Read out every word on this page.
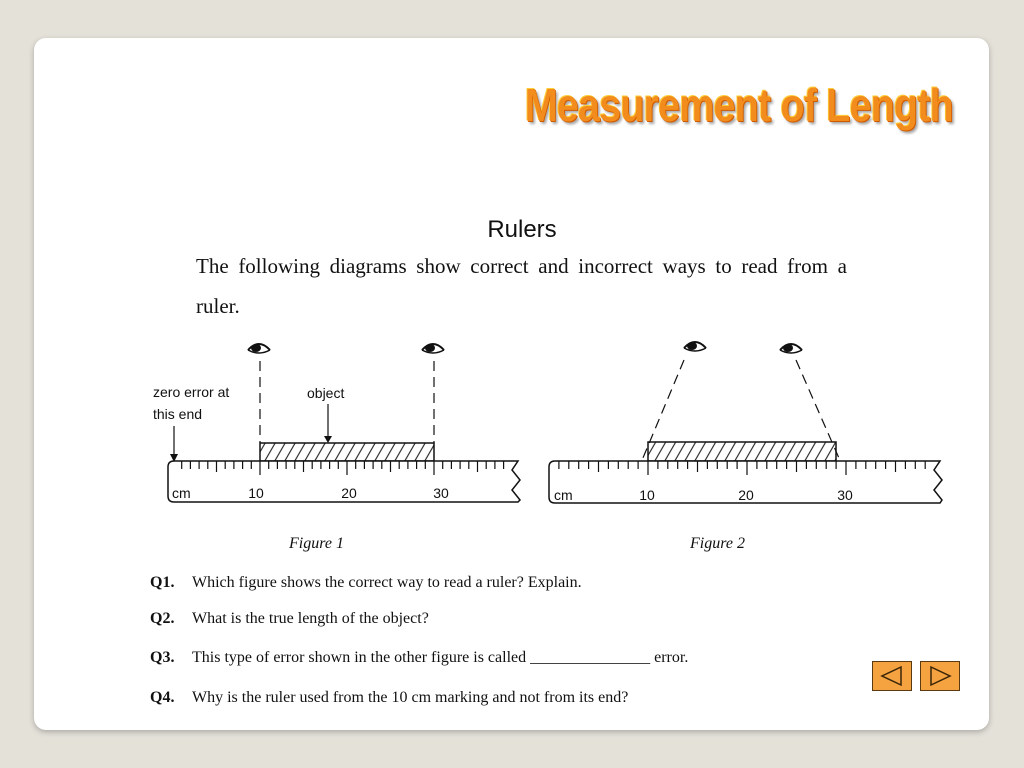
Measurement of Length
Rulers

The following diagrams show correct and incorrect ways to read from a ruler.

zero error at
this end
object
cm	10	20	30	cm	10	20	30
Figure 1	Figure 2
Q1. Which figure shows the correct way to read a ruler? Explain.
Q2. What is the true length of the object?
Q3. This type of error shown in the other figure is called _______________ error.
Q4. Why is the ruler used from the 10 cm marking and not from its end?
